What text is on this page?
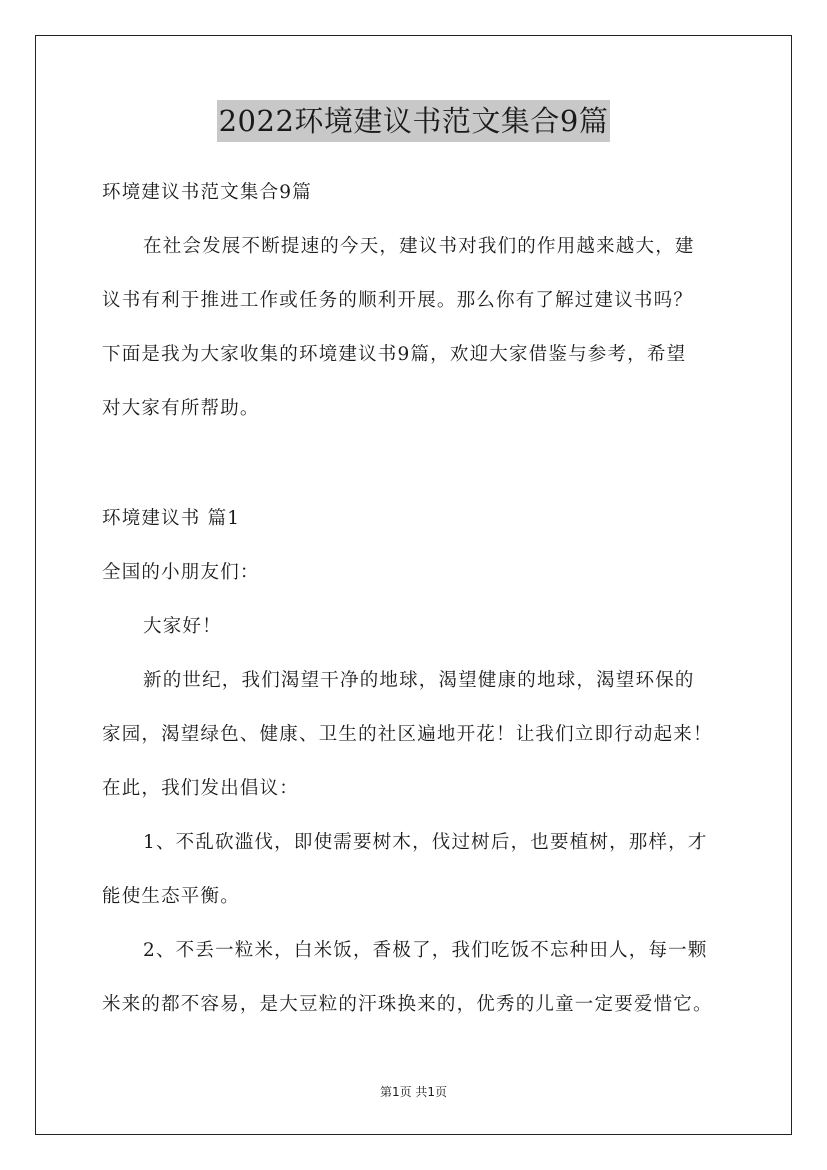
2022环境建议书范文集合9篇
环境建议书范文集合9篇
在社会发展不断提速的今天，建议书对我们的作用越来越大，建
议书有利于推进工作或任务的顺利开展。那么你有了解过建议书吗？
下面是我为大家收集的环境建议书9篇，欢迎大家借鉴与参考，希望
对大家有所帮助。
环境建议书 篇1
全国的小朋友们：
大家好！
新的世纪，我们渴望干净的地球，渴望健康的地球，渴望环保的
家园，渴望绿色、健康、卫生的社区遍地开花！让我们立即行动起来！
在此，我们发出倡议：
1、不乱砍滥伐，即使需要树木，伐过树后，也要植树，那样，才
能使生态平衡。
2、不丢一粒米，白米饭，香极了，我们吃饭不忘种田人，每一颗
米来的都不容易，是大豆粒的汗珠换来的，优秀的儿童一定要爱惜它。
第1页 共1页
